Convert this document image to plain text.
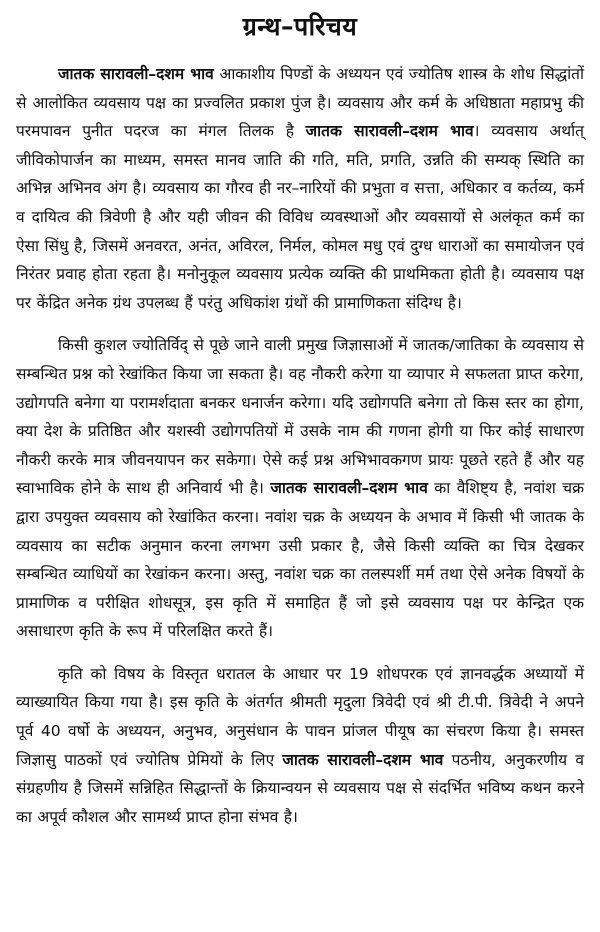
ग्रन्थ–परिचय

जातक सारावली–दशम भाव आकाशीय पिण्डों के अध्ययन एवं ज्योतिष शास्त्र के शोध सिद्धांतों से आलोकित व्यवसाय पक्ष का प्रज्वलित प्रकाश पुंज है। व्यवसाय और कर्म के अधिष्ठाता महाप्रभु की परमपावन पुनीत पदरज का मंगल तिलक है जातक सारावली–दशम भाव। व्यवसाय अर्थात् जीविकोपार्जन का माध्यम, समस्त मानव जाति की गति, मति, प्रगति, उन्नति की सम्यक् स्थिति का अभिन्न अभिनव अंग है। व्यवसाय का गौरव ही नर–नारियों की प्रभुता व सत्ता, अधिकार व कर्तव्य, कर्म व दायित्व की त्रिवेणी है और यही जीवन की विविध व्यवस्थाओं और व्यवसायों से अलंकृत कर्म का ऐसा सिंधु है, जिसमें अनवरत, अनंत, अविरल, निर्मल, कोमल मधु एवं दुग्ध धाराओं का समायोजन एवं निरंतर प्रवाह होता रहता है। मनोनुकूल व्यवसाय प्रत्येक व्यक्ति की प्राथमिकता होती है। व्यवसाय पक्ष पर केंद्रित अनेक ग्रंथ उपलब्ध हैं परंतु अधिकांश ग्रंथों की प्रामाणिकता संदिग्ध है।

किसी कुशल ज्योतिर्विद् से पूछे जाने वाली प्रमुख जिज्ञासाओं में जातक/जातिका के व्यवसाय से सम्बन्धित प्रश्न को रेखांकित किया जा सकता है। वह नौकरी करेगा या व्यापार मे सफलता प्राप्त करेगा, उद्योगपति बनेगा या परामर्शदाता बनकर धनार्जन करेगा। यदि उद्योगपति बनेगा तो किस स्तर का होगा, क्या देश के प्रतिष्ठित और यशस्वी उद्योगपतियों में उसके नाम की गणना होगी या फिर कोई साधारण नौकरी करके मात्र जीवनयापन कर सकेगा। ऐसे कई प्रश्न अभिभावकगण प्रायः पूछते रहते हैं और यह स्वाभाविक होने के साथ ही अनिवार्य भी है। जातक सारावली–दशम भाव का वैशिष्ट्य है, नवांश चक्र द्वारा उपयुक्त व्यवसाय को रेखांकित करना। नवांश चक्र के अध्ययन के अभाव में किसी भी जातक के व्यवसाय का सटीक अनुमान करना लगभग उसी प्रकार है, जैसे किसी व्यक्ति का चित्र देखकर सम्बन्धित व्याधियों का रेखांकन करना। अस्तु, नवांश चक्र का तलस्पर्शी मर्म तथा ऐसे अनेक विषयों के प्रामाणिक व परीक्षित शोधसूत्र, इस कृति में समाहित हैं जो इसे व्यवसाय पक्ष पर केन्द्रित एक असाधारण कृति के रूप में परिलक्षित करते हैं।

कृति को विषय के विस्तृत धरातल के आधार पर 19 शोधपरक एवं ज्ञानवर्द्धक अध्यायों में व्याख्यायित किया गया है। इस कृति के अंतर्गत श्रीमती मृदुला त्रिवेदी एवं श्री टी.पी. त्रिवेदी ने अपने पूर्व 40 वर्षो के अध्ययन, अनुभव, अनुसंधान के पावन प्रांजल पीयूष का संचरण किया है। समस्त जिज्ञासु पाठकों एवं ज्योतिष प्रेमियों के लिए जातक सारावली–दशम भाव पठनीय, अनुकरणीय व संग्रहणीय है जिसमें सन्निहित सिद्धान्तों के क्रियान्वयन से व्यवसाय पक्ष से संदर्भित भविष्य कथन करने का अपूर्व कौशल और सामर्थ्य प्राप्त होना संभव है।
